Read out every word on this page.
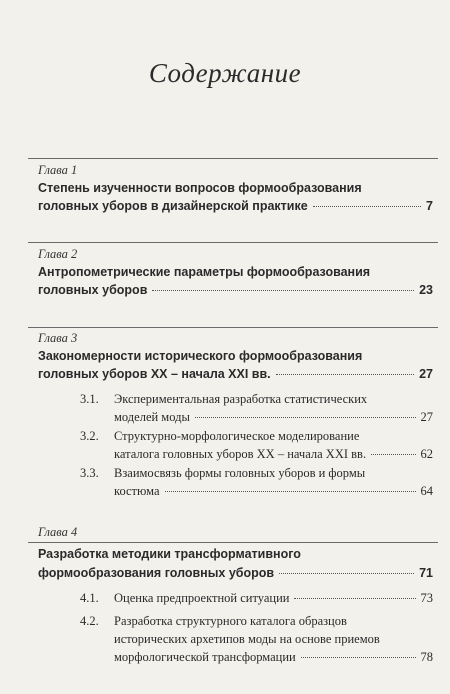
Содержание
Глава 1
Степень изученности вопросов формообразования
головных уборов в дизайнерской практике	7
Глава 2
Антропометрические параметры формообразования
головных уборов	23
Глава 3
Закономерности исторического формообразования
головных уборов XX – начала XXI вв.	27
3.1.	Экспериментальная разработка статистических
моделей моды	27
3.2.	Структурно-морфологическое моделирование
каталога головных уборов XX – начала XXI вв.	62
3.3.	Взаимосвязь формы головных уборов и формы
костюма	64
Глава 4
Разработка методики трансформативного
формообразования головных уборов	71
4.1.	Оценка предпроектной ситуации	73
4.2.	Разработка структурного каталога образцов
исторических архетипов моды на основе приемов
морфологической трансформации	78
